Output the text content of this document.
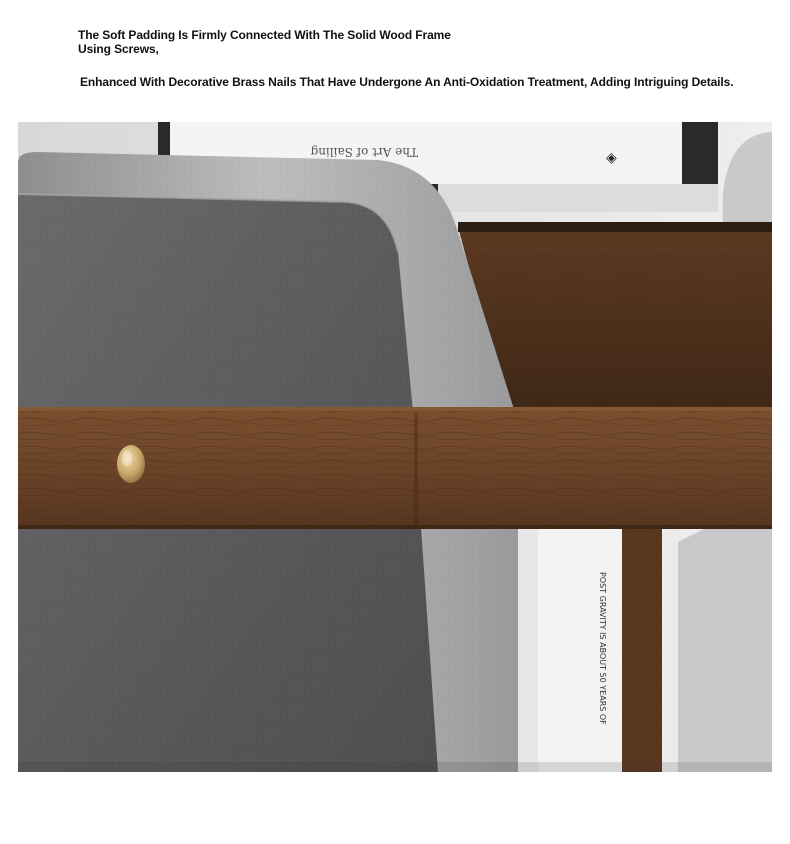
The Soft Padding Is Firmly Connected With The Solid Wood Frame Using Screws,
Enhanced With Decorative Brass Nails That Have Undergone An Anti-Oxidation Treatment, Adding Intriguing Details.
The Art of Sailing	◈
POST GRAVITY IS ABOUT 50 YEARS OF
